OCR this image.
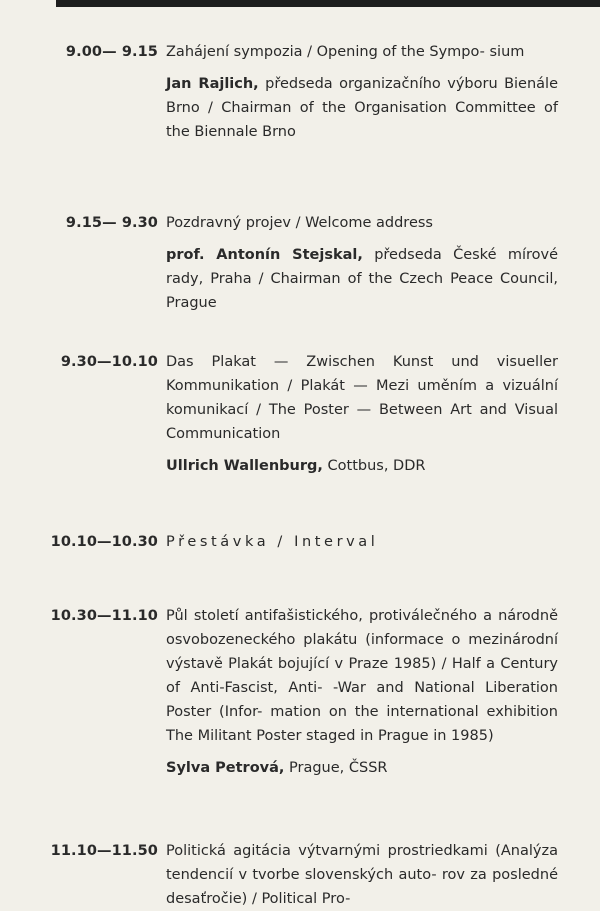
9.00— 9.15 Zahájení sympozia / Opening of the Sympo- sium

Jan Rajlich, předseda organizačního výboru Bienále Brno / Chairman of the Organisation Committee of the Biennale Brno

9.15— 9.30 Pozdravný projev / Welcome address

prof. Antonín Stejskal, předseda České mírové rady, Praha / Chairman of the Czech Peace Council, Prague

9.30—10.10 Das Plakat — Zwischen Kunst und visueller Kommunikation / Plakát — Mezi uměním a vizuální komunikací / The Poster — Between Art and Visual Communication

Ullrich Wallenburg, Cottbus, DDR

10.10—10.30 Přestávka / Interval

10.30—11.10 Půl století antifašistického, protiválečného a národně osvobozeneckého plakátu (informace o mezinárodní výstavě Plakát bojující v Praze 1985) / Half a Century of Anti-Fascist, Anti- -War and National Liberation Poster (Infor- mation on the international exhibition The Militant Poster staged in Prague in 1985)

Sylva Petrová, Prague, ČSSR

11.10—11.50 Politická agitácia výtvarnými prostriedkami (Analýza tendencií v tvorbe slovenských auto- rov za posledné desaťročie) / Political Pro-
